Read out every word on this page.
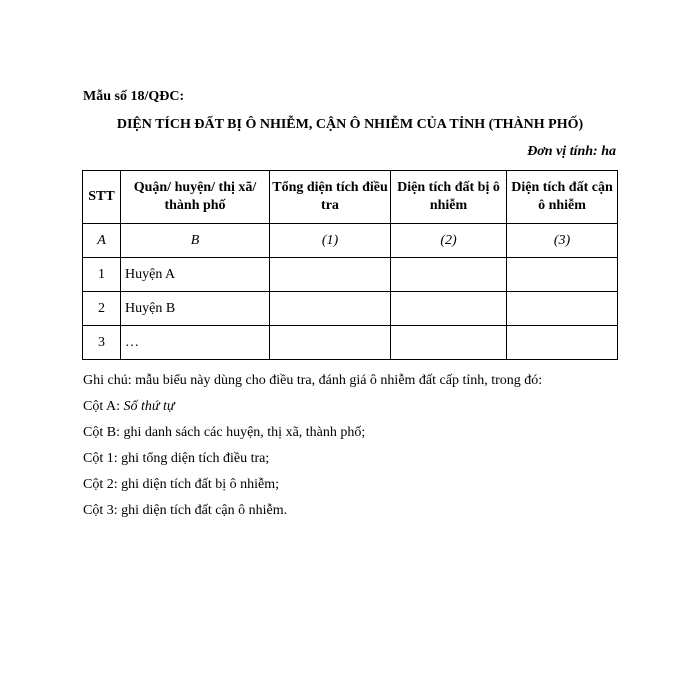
Mẫu số 18/QĐC:
DIỆN TÍCH ĐẤT BỊ Ô NHIỄM, CẬN Ô NHIỄM CỦA TỈNH (THÀNH PHỐ)
Đơn vị tính: ha
STT	Quận/ huyện/ thị xã/ thành phố	Tổng diện tích điều tra	Diện tích đất bị ô nhiễm	Diện tích đất cận ô nhiễm
A	B	(1)	(2)	(3)
1	Huyện A			
2	Huyện B			
3	…			
Ghi chú: mẫu biểu này dùng cho điều tra, đánh giá ô nhiễm đất cấp tỉnh, trong đó:
Cột A: Số thứ tự
Cột B: ghi danh sách các huyện, thị xã, thành phố;
Cột 1: ghi tổng diện tích điều tra;
Cột 2: ghi diện tích đất bị ô nhiễm;
Cột 3: ghi diện tích đất cận ô nhiễm.
